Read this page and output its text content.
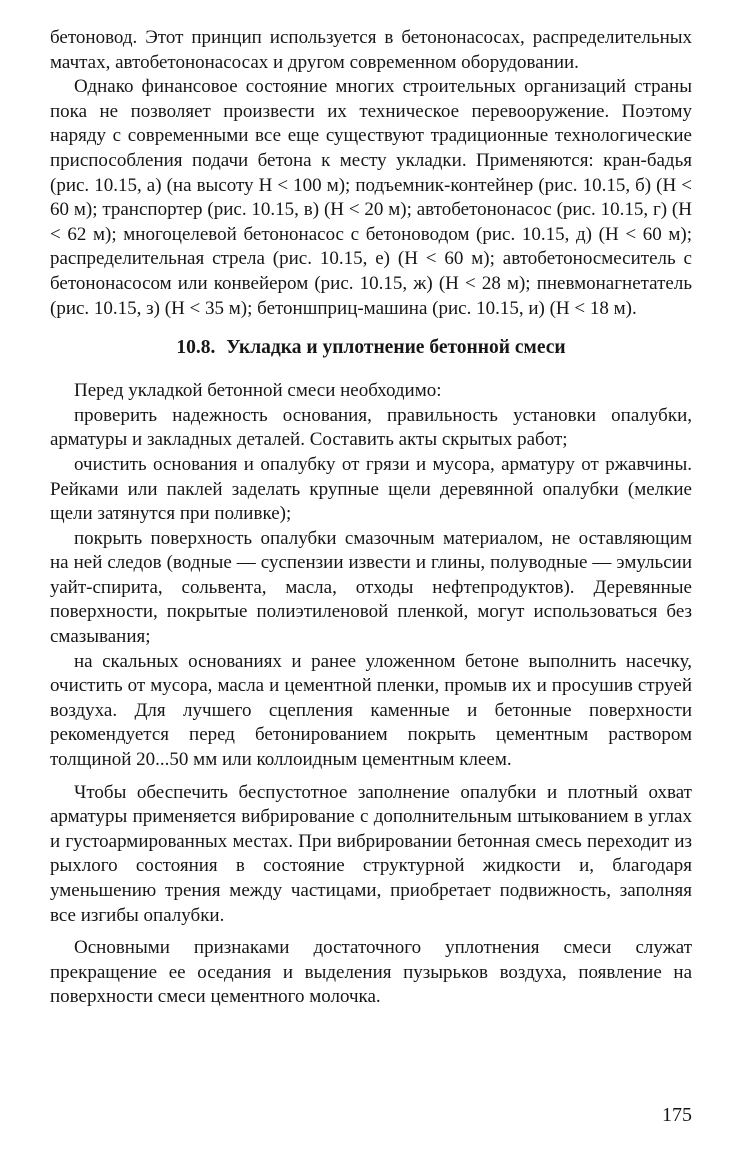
бетоновод. Этот принцип используется в бетононасосах, распределительных мачтах, автобетононасосах и другом современном оборудовании.

Однако финансовое состояние многих строительных организаций страны пока не позволяет произвести их техническое перевооружение. Поэтому наряду с современными все еще существуют традиционные технологические приспособления подачи бетона к месту укладки. Применяются: кран-бадья (рис. 10.15, а) (на высоту Н < 100 м); подъемник-контейнер (рис. 10.15, б) (Н < 60 м); транспортер (рис. 10.15, в) (Н < 20 м); автобетононасос (рис. 10.15, г) (Н < 62 м); многоцелевой бетононасос с бетоноводом (рис. 10.15, д) (Н < 60 м); распределительная стрела (рис. 10.15, е) (Н < 60 м); автобетоносмеситель с бетононасосом или конвейером (рис. 10.15, ж) (Н < 28 м); пневмонагнетатель (рис. 10.15, з) (Н < 35 м); бетоншприц-машина (рис. 10.15, и) (Н < 18 м).

10.8. Укладка и уплотнение бетонной смеси

Перед укладкой бетонной смеси необходимо:

проверить надежность основания, правильность установки опалубки, арматуры и закладных деталей. Составить акты скрытых работ;

очистить основания и опалубку от грязи и мусора, арматуру от ржавчины. Рейками или паклей заделать крупные щели деревянной опалубки (мелкие щели затянутся при поливке);

покрыть поверхность опалубки смазочным материалом, не оставляющим на ней следов (водные — суспензии извести и глины, полуводные — эмульсии уайт-спирита, сольвента, масла, отходы нефтепродуктов). Деревянные поверхности, покрытые полиэтиленовой пленкой, могут использоваться без смазывания;

на скальных основаниях и ранее уложенном бетоне выполнить насечку, очистить от мусора, масла и цементной пленки, промыв их и просушив струей воздуха. Для лучшего сцепления каменные и бетонные поверхности рекомендуется перед бетонированием покрыть цементным раствором толщиной 20...50 мм или коллоидным цементным клеем.

Чтобы обеспечить беспустотное заполнение опалубки и плотный охват арматуры применяется вибрирование с дополнительным штыкованием в углах и густоармированных местах. При вибрировании бетонная смесь переходит из рыхлого состояния в состояние структурной жидкости и, благодаря уменьшению трения между частицами, приобретает подвижность, заполняя все изгибы опалубки.

Основными признаками достаточного уплотнения смеси служат прекращение ее оседания и выделения пузырьков воздуха, появление на поверхности смеси цементного молочка.

175
